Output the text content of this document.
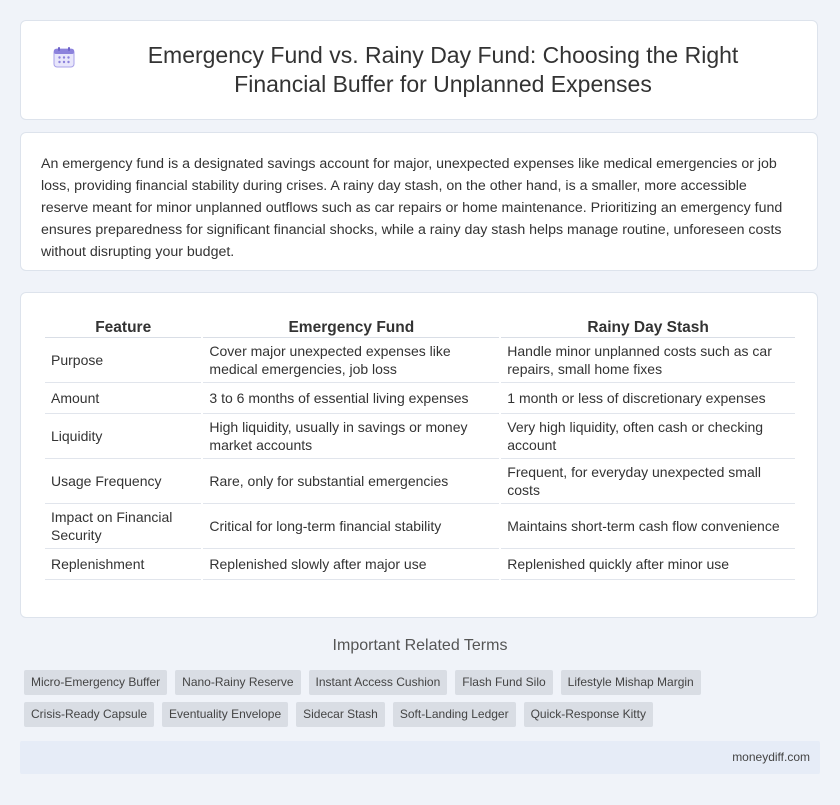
Emergency Fund vs. Rainy Day Fund: Choosing the Right Financial Buffer for Unplanned Expenses

An emergency fund is a designated savings account for major, unexpected expenses like medical emergencies or job loss, providing financial stability during crises. A rainy day stash, on the other hand, is a smaller, more accessible reserve meant for minor unplanned outflows such as car repairs or home maintenance. Prioritizing an emergency fund ensures preparedness for significant financial shocks, while a rainy day stash helps manage routine, unforeseen costs without disrupting your budget.

Feature	Emergency Fund	Rainy Day Stash
Purpose	Cover major unexpected expenses like medical emergencies, job loss	Handle minor unplanned costs such as car repairs, small home fixes
Amount	3 to 6 months of essential living expenses	1 month or less of discretionary expenses
Liquidity	High liquidity, usually in savings or money market accounts	Very high liquidity, often cash or checking account
Usage Frequency	Rare, only for substantial emergencies	Frequent, for everyday unexpected small costs
Impact on Financial Security	Critical for long-term financial stability	Maintains short-term cash flow convenience
Replenishment	Replenished slowly after major use	Replenished quickly after minor use
Important Related Terms
Micro-Emergency Buffer	Nano-Rainy Reserve	Instant Access Cushion	Flash Fund Silo	Lifestyle Mishap Margin
Crisis-Ready Capsule	Eventuality Envelope	Sidecar Stash	Soft-Landing Ledger	Quick-Response Kitty
moneydiff.com
